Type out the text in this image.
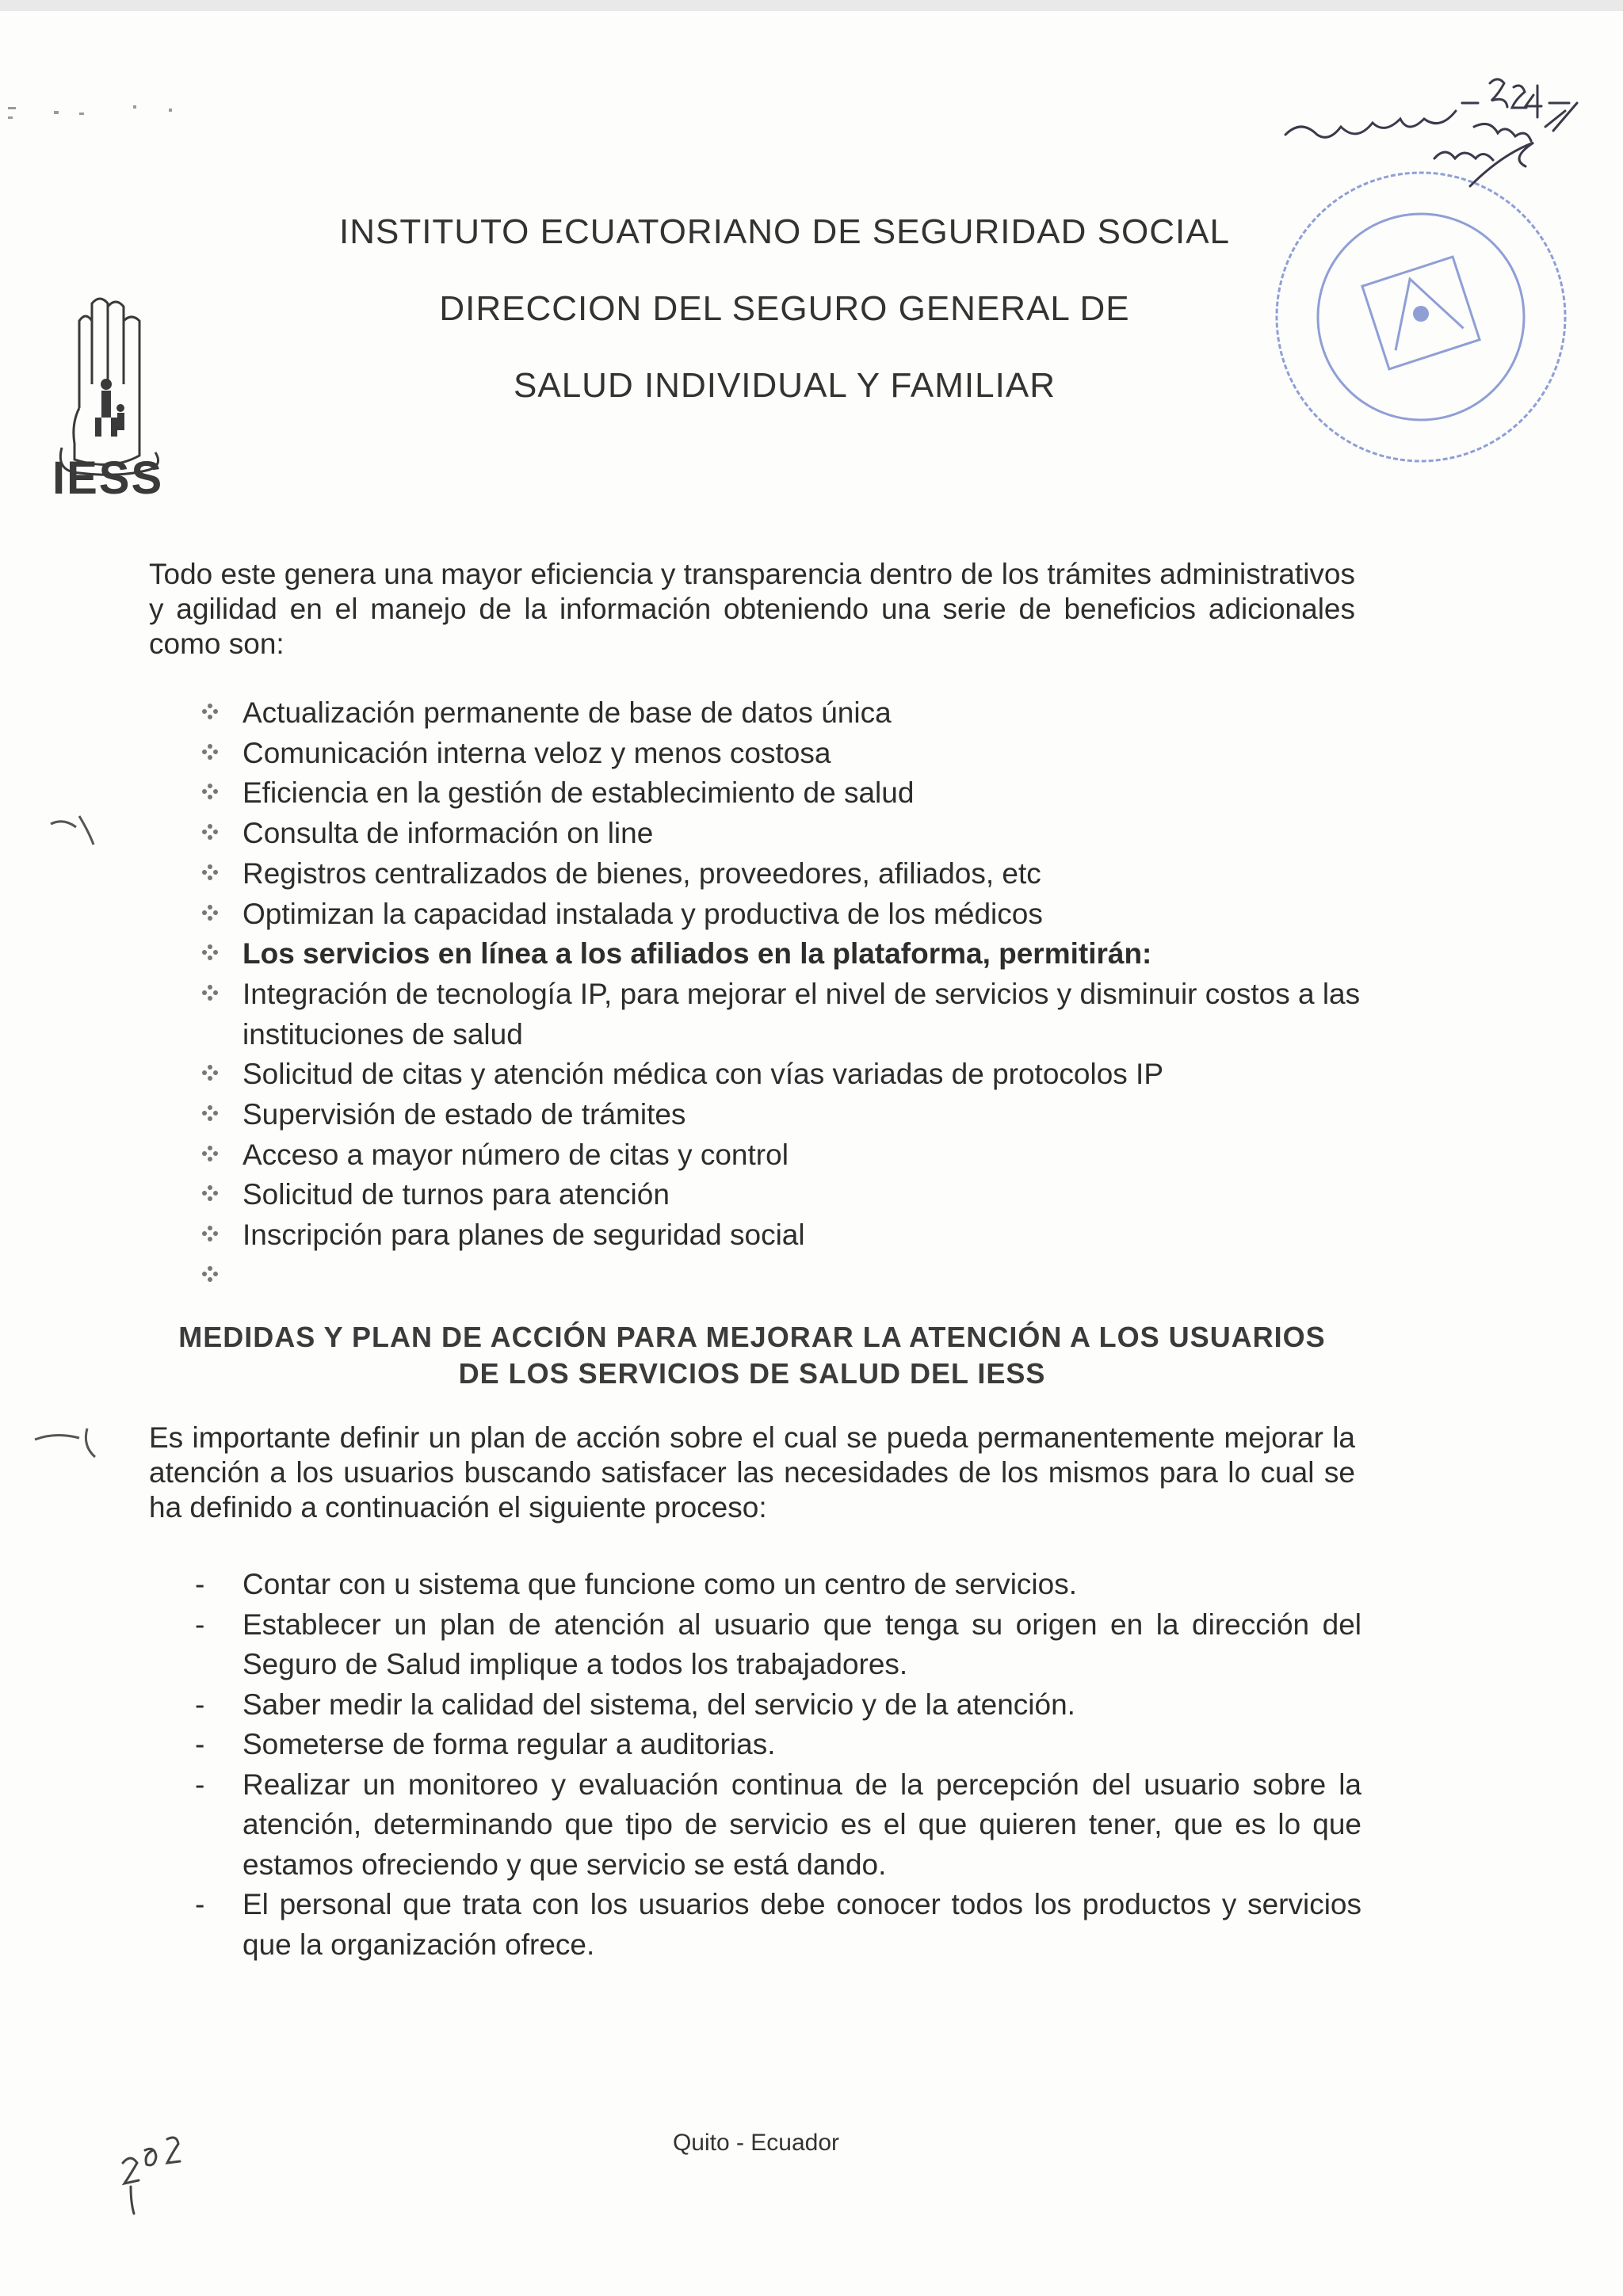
IESS
INSTITUTO ECUATORIANO DE SEGURIDAD SOCIAL
DIRECCION DEL SEGURO GENERAL DE
SALUD INDIVIDUAL Y FAMILIAR
Todo este genera una mayor eficiencia y transparencia dentro de los trámites administrativos y agilidad en el manejo de la información obteniendo una serie de beneficios adicionales como son:
Actualización permanente de base de datos única
Comunicación interna veloz y menos costosa
Eficiencia en la gestión de establecimiento de salud
Consulta de información on line
Registros centralizados de bienes, proveedores, afiliados, etc
Optimizan la capacidad instalada y productiva de los médicos
Los servicios en línea a los afiliados en la plataforma, permitirán:
Integración de tecnología IP, para mejorar el nivel de servicios y disminuir costos a las instituciones de salud
Solicitud de citas y atención médica con vías variadas de protocolos IP
Supervisión de estado de trámites
Acceso a mayor número de citas y control
Solicitud de turnos para atención
Inscripción para planes de seguridad social
MEDIDAS Y PLAN DE ACCIÓN PARA MEJORAR LA ATENCIÓN A LOS USUARIOS
DE LOS SERVICIOS DE SALUD DEL IESS
Es importante definir un plan de acción sobre el cual se pueda permanentemente mejorar la atención a los usuarios buscando satisfacer las necesidades de los mismos para lo cual se ha definido a continuación el siguiente proceso:
- Contar con u sistema que funcione como un centro de servicios.
- Establecer un plan de atención al usuario que tenga su origen en la dirección del Seguro de Salud implique a todos los trabajadores.
- Saber medir la calidad del sistema, del servicio y de la atención.
- Someterse de forma regular a auditorias.
- Realizar un monitoreo y evaluación continua de la percepción del usuario sobre la atención, determinando que tipo de servicio es el que quieren tener, que es lo que estamos ofreciendo y que servicio se está dando.
- El personal que trata con los usuarios debe conocer todos los productos y servicios que la organización ofrece.
Quito - Ecuador
